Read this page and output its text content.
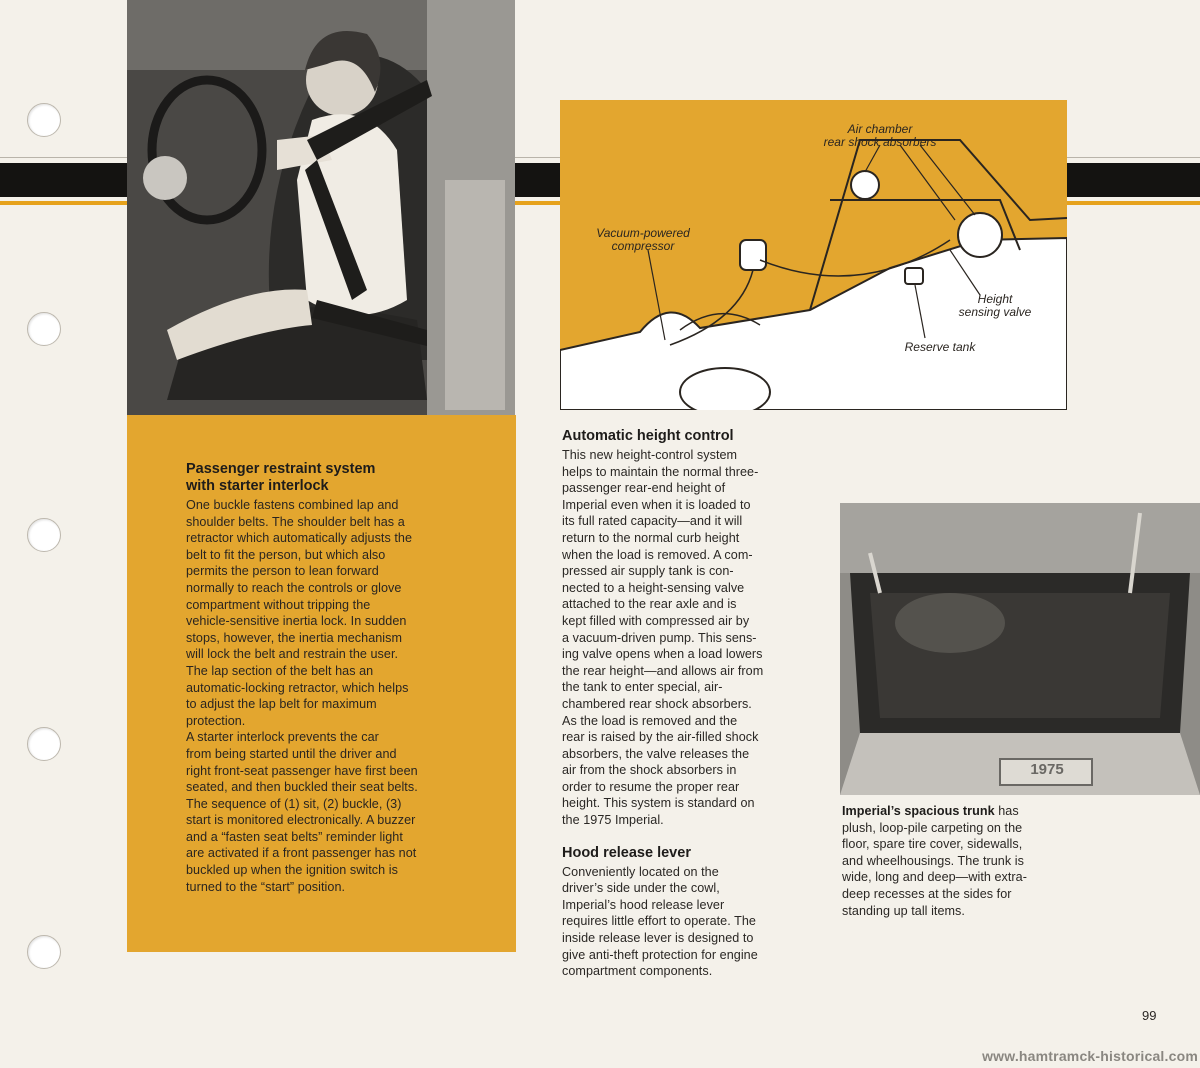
Passenger restraint system
with starter interlock
One buckle fastens combined lap and
shoulder belts. The shoulder belt has a
retractor which automatically adjusts the
belt to fit the person, but which also
permits the person to lean forward
normally to reach the controls or glove
compartment without tripping the
vehicle-sensitive inertia lock. In sudden
stops, however, the inertia mechanism
will lock the belt and restrain the user.
The lap section of the belt has an
automatic-locking retractor, which helps
to adjust the lap belt for maximum
protection.
A starter interlock prevents the car
from being started until the driver and
right front-seat passenger have first been
seated, and then buckled their seat belts.
The sequence of (1) sit, (2) buckle, (3)
start is monitored electronically. A buzzer
and a “fasten seat belts” reminder light
are activated if a front passenger has not
buckled up when the ignition switch is
turned to the “start” position.
Air chamber
rear shock absorbers
Vacuum-powered
compressor
Height
sensing valve
Reserve tank
Automatic height control
This new height-control system
helps to maintain the normal three-
passenger rear-end height of
Imperial even when it is loaded to
its full rated capacity—and it will
return to the normal curb height
when the load is removed. A com-
pressed air supply tank is con-
nected to a height-sensing valve
attached to the rear axle and is
kept filled with compressed air by
a vacuum-driven pump. This sens-
ing valve opens when a load lowers
the rear height—and allows air from
the tank to enter special, air-
chambered rear shock absorbers.
As the load is removed and the
rear is raised by the air-filled shock
absorbers, the valve releases the
air from the shock absorbers in
order to resume the proper rear
height. This system is standard on
the 1975 Imperial.
Hood release lever
Conveniently located on the
driver’s side under the cowl,
Imperial’s hood release lever
requires little effort to operate. The
inside release lever is designed to
give anti-theft protection for engine
compartment components.
1975
Imperial’s spacious trunk has
plush, loop-pile carpeting on the
floor, spare tire cover, sidewalls,
and wheelhousings. The trunk is
wide, long and deep—with extra-
deep recesses at the sides for
standing up tall items.
99
www.hamtramck-historical.com
